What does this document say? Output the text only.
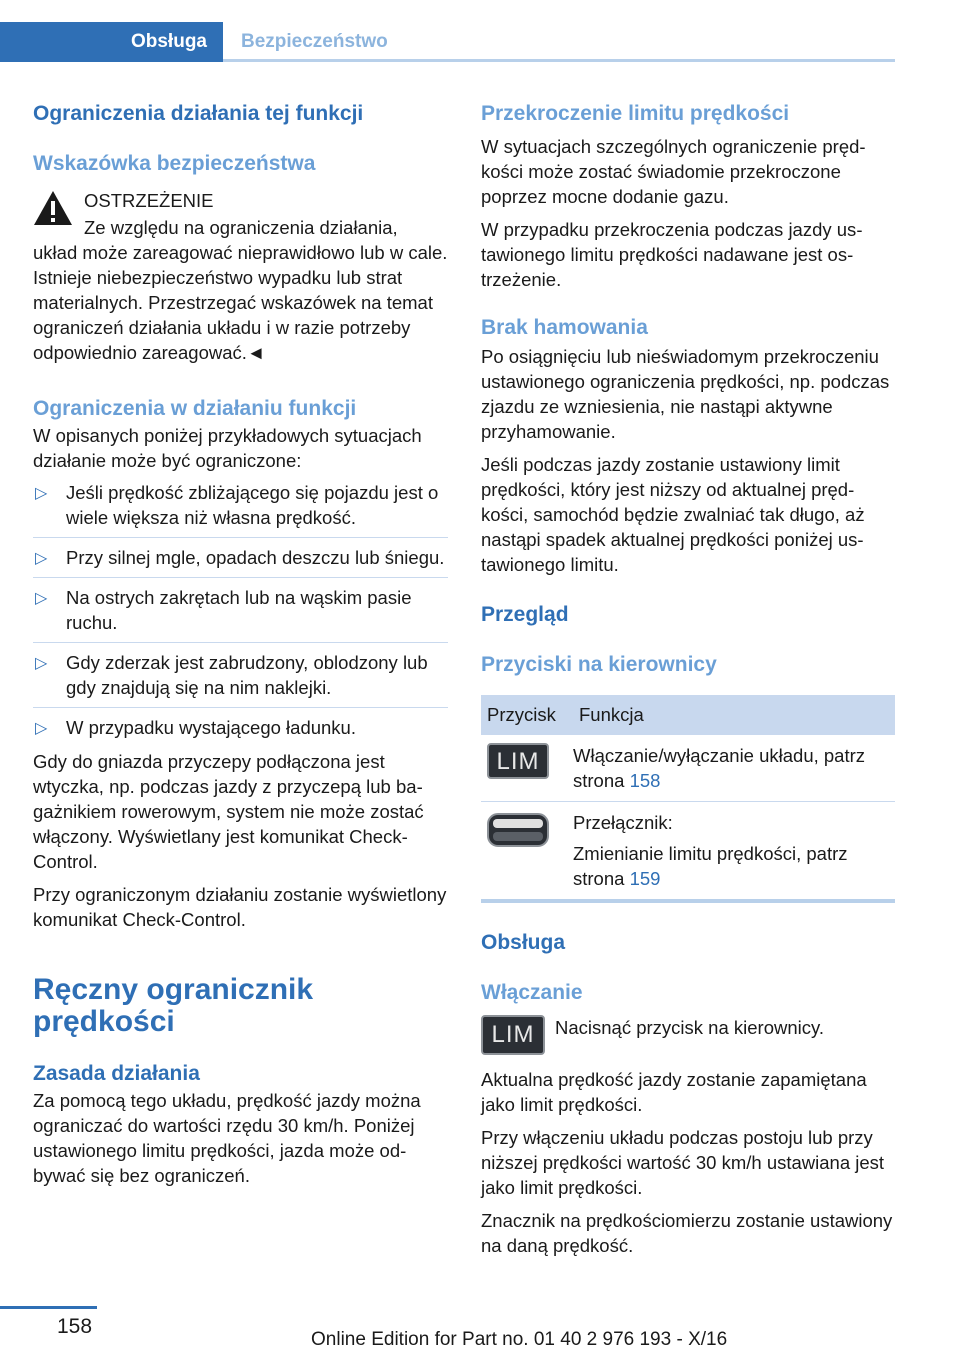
Obsługa	Bezpieczeństwo
Ograniczenia działania tej funkcji
Wskazówka bezpieczeństwa

OSTRZEŻENIE

Ze względu na ograniczenia działania,

układ może zareagować nieprawidłowo lub w cale. Istnieje niebezpieczeństwo wypadku lub strat materialnych. Przestrzegać wskazówek na temat ograniczeń działania układu i w razie potrzeby odpowiednio zareagować.◄

Ograniczenia w działaniu funkcji

W opisanych poniżej przykładowych sytuacjach działanie może być ograniczone:

▷ Jeśli prędkość zbliżającego się pojazdu jest o wiele większa niż własna prędkość.
▷ Przy silnej mgle, opadach deszczu lub śniegu.
▷ Na ostrych zakrętach lub na wąskim pasie ruchu.
▷ Gdy zderzak jest zabrudzony, oblodzony lub gdy znajdują się na nim naklejki.
▷ W przypadku wystającego ładunku.

Gdy do gniazda przyczepy podłączona jest wtyczka, np. podczas jazdy z przyczepą lub bagażnikiem rowerowym, system nie może zostać włączony. Wyświetlany jest komunikat Check-Control.

Przy ograniczonym działaniu zostanie wyświetlony komunikat Check-Control.

Ręczny ogranicznik prędkości
Zasada działania

Za pomocą tego układu, prędkość jazdy można ograniczać do wartości rzędu 30 km/h. Poniżej ustawionego limitu prędkości, jazda może odbywać się bez ograniczeń.

Przekroczenie limitu prędkości

W sytuacjach szczególnych ograniczenie prędkości może zostać świadomie przekroczone poprzez mocne dodanie gazu.

W przypadku przekroczenia podczas jazdy ustawionego limitu prędkości nadawane jest ostrzeżenie.

Brak hamowania

Po osiągnięciu lub nieświadomym przekroczeniu ustawionego ograniczenia prędkości, np. podczas zjazdu ze wzniesienia, nie nastąpi aktywne przyhamowanie.

Jeśli podczas jazdy zostanie ustawiony limit prędkości, który jest niższy od aktualnej prędkości, samochód będzie zwalniać tak długo, aż nastąpi spadek aktualnej prędkości poniżej ustawionego limitu.

Przegląd
Przyciski na kierownicy
Przycisk	Funkcja
LIM	Włączanie/wyłączanie układu, patrz strona 158

Przełącznik:

Zmienianie limitu prędkości, patrz strona 159

Obsługa
Włączanie
LIM	Nacisnąć przycisk na kierownicy.

Aktualna prędkość jazdy zostanie zapamiętana jako limit prędkości.

Przy włączeniu układu podczas postoju lub przy niższej prędkości wartość 30 km/h ustawiana jest jako limit prędkości.

Znacznik na prędkościomierzu zostanie ustawiony na daną prędkość.

158
Online Edition for Part no. 01 40 2 976 193 - X/16
